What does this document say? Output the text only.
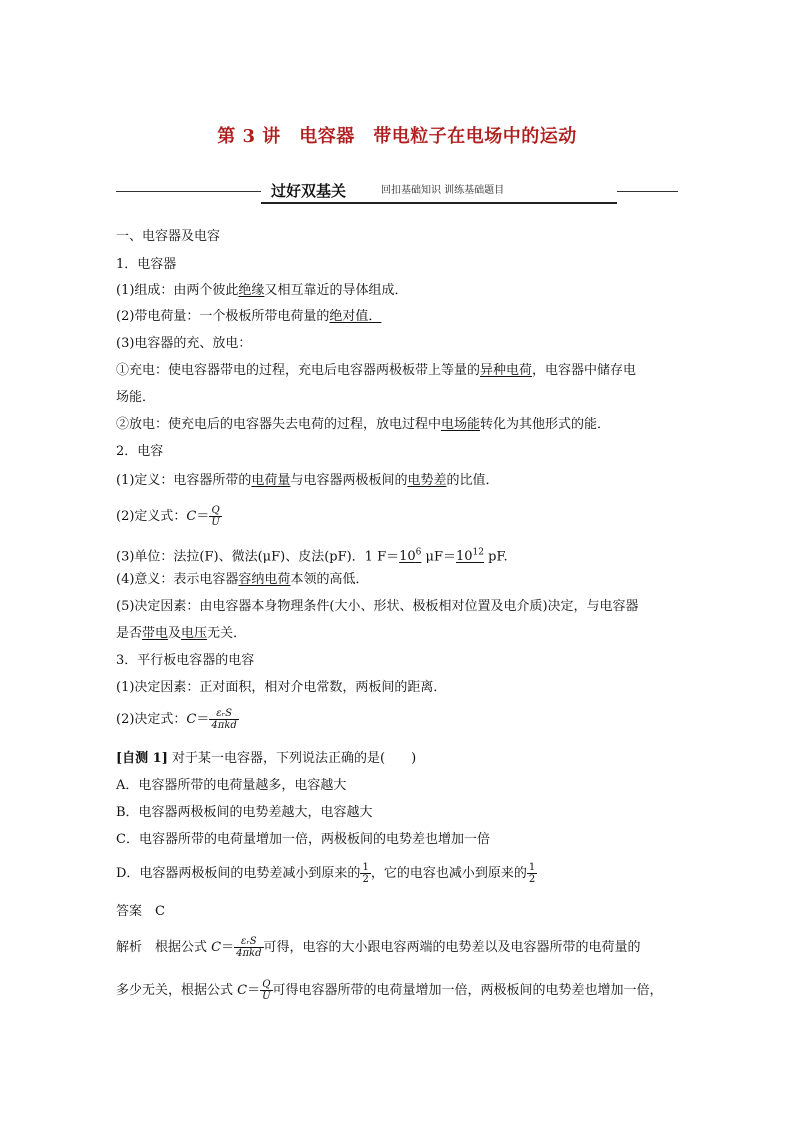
第 3 讲　电容器　带电粒子在电场中的运动
过好双基关	回扣基础知识 训练基础题目
一、电容器及电容
1．电容器
(1)组成：由两个彼此绝缘又相互靠近的导体组成．
(2)带电荷量：一个极板所带电荷量的绝对值．
(3)电容器的充、放电：
①充电：使电容器带电的过程，充电后电容器两极板带上等量的异种电荷，电容器中储存电
场能．
②放电：使充电后的电容器失去电荷的过程，放电过程中电场能转化为其他形式的能．
2．电容
(1)定义：电容器所带的电荷量与电容器两极板间的电势差的比值．
(2)定义式：$C= \frac{Q}{U}$
(3)单位：法拉(F)、微法(μF)、皮法(pF)．1 $F=10^6$ $\mu F=10^{12}$ pF.
(4)意义：表示电容器容纳电荷本领的高低．
(5)决定因素：由电容器本身物理条件(大小、形状、极板相对位置及电介质)决定，与电容器
是否带电及电压无关．
3．平行板电容器的电容
(1)决定因素：正对面积，相对介电常数，两板间的距离．
(2)决定式：$C= \frac{\text{εᵣS}}{\text{4πkd}}$
[自测 1] 对于某一电容器，下列说法正确的是(　　)
A．电容器所带的电荷量越多，电容越大
B．电容器两极板间的电势差越大，电容越大
C．电容器所带的电荷量增加一倍，两极板间的电势差也增加一倍
D．电容器两极板间的电势差减小到原来的 $\frac{1}{2}$ ，它的电容也减小到原来的 $\frac{1}{2}$
答案　C
解析　根据公式 $C= \frac{\text{εᵣS}}{\text{4πkd}}$ 可得，电容的大小跟电容两端的电势差以及电容器所带的电荷量的
多少无关，根据公式 $C= \frac{Q}{U}$ 可得电容器所带的电荷量增加一倍，两极板间的电势差也增加一倍，
